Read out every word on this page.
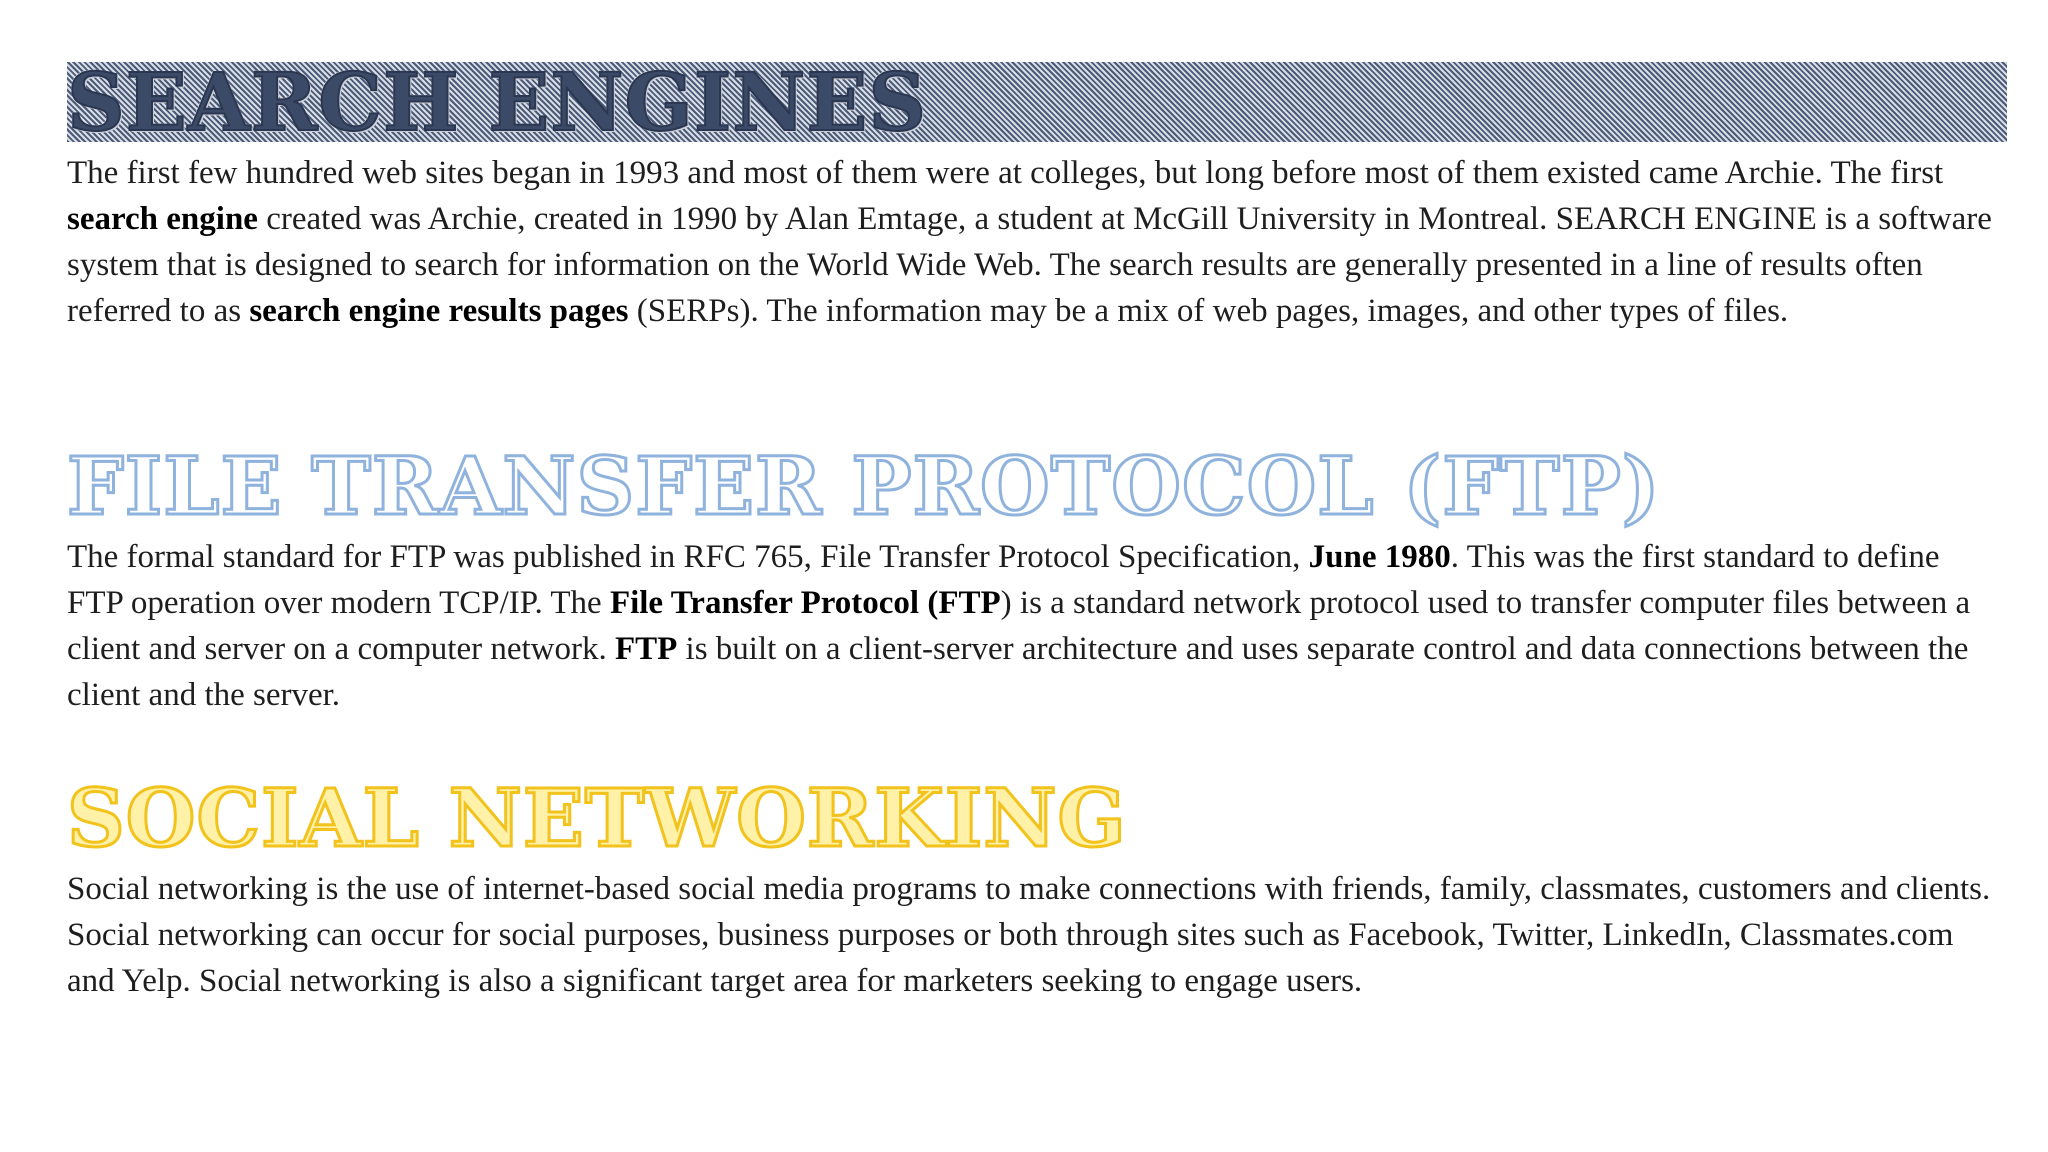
SEARCH ENGINES

The first few hundred web sites began in 1993 and most of them were at colleges, but long before most of them existed came Archie. The first search engine created was Archie, created in 1990 by Alan Emtage, a student at McGill University in Montreal. SEARCH ENGINE is a software system that is designed to search for information on the World Wide Web. The search results are generally presented in a line of results often referred to as search engine results pages (SERPs). The information may be a mix of web pages, images, and other types of files.

FILE TRANSFER PROTOCOL (FTP)

The formal standard for FTP was published in RFC 765, File Transfer Protocol Specification, June 1980. This was the first standard to define FTP operation over modern TCP/IP. The File Transfer Protocol (FTP) is a standard network protocol used to transfer computer files between a client and server on a computer network. FTP is built on a client-server architecture and uses separate control and data connections between the client and the server.

SOCIAL NETWORKING

Social networking is the use of internet-based social media programs to make connections with friends, family, classmates, customers and clients. Social networking can occur for social purposes, business purposes or both through sites such as Facebook, Twitter, LinkedIn, Classmates.com and Yelp. Social networking is also a significant target area for marketers seeking to engage users.
